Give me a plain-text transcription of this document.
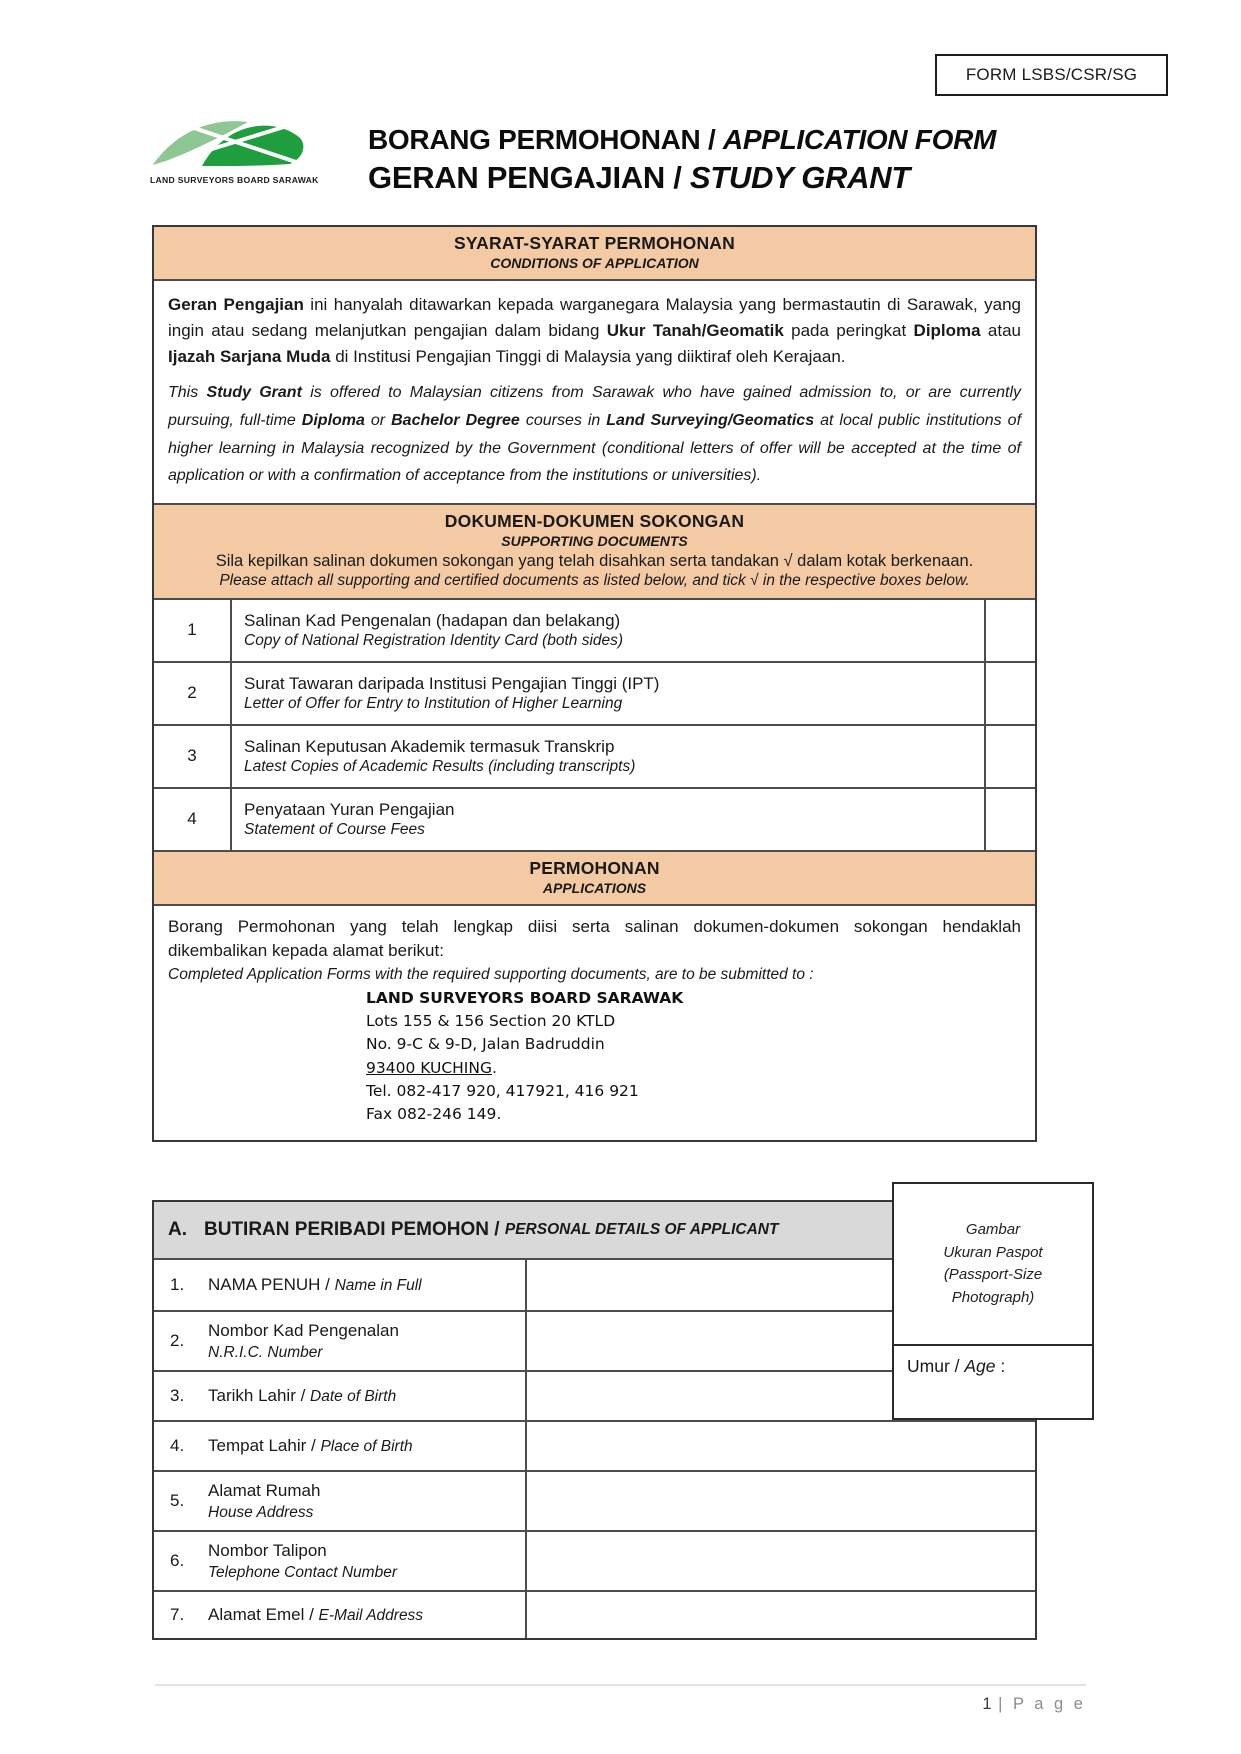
FORM LSBS/CSR/SG
LAND SURVEYORS BOARD SARAWAK
BORANG PERMOHONAN / APPLICATION FORM
GERAN PENGAJIAN / STUDY GRANT
SYARAT-SYARAT PERMOHONAN
CONDITIONS OF APPLICATION

Geran Pengajian ini hanyalah ditawarkan kepada warganegara Malaysia yang bermastautin di Sarawak, yang ingin atau sedang melanjutkan pengajian dalam bidang Ukur Tanah/Geomatik pada peringkat Diploma atau Ijazah Sarjana Muda di Institusi Pengajian Tinggi di Malaysia yang diiktiraf oleh Kerajaan.

This Study Grant is offered to Malaysian citizens from Sarawak who have gained admission to, or are currently pursuing, full-time Diploma or Bachelor Degree courses in Land Surveying/Geomatics at local public institutions of higher learning in Malaysia recognized by the Government (conditional letters of offer will be accepted at the time of application or with a confirmation of acceptance from the institutions or universities).

DOKUMEN-DOKUMEN SOKONGAN
SUPPORTING DOCUMENTS
Sila kepilkan salinan dokumen sokongan yang telah disahkan serta tandakan √ dalam kotak berkenaan.
Please attach all supporting and certified documents as listed below, and tick √ in the respective boxes below.
1	Salinan Kad Pengenalan (hadapan dan belakang)
Copy of National Registration Identity Card (both sides)
2	Surat Tawaran daripada Institusi Pengajian Tinggi (IPT)
Letter of Offer for Entry to Institution of Higher Learning
3	Salinan Keputusan Akademik termasuk Transkrip
Latest Copies of Academic Results (including transcripts)
4	Penyataan Yuran Pengajian
Statement of Course Fees
PERMOHONAN
APPLICATIONS

Borang Permohonan yang telah lengkap diisi serta salinan dokumen-dokumen sokongan hendaklah dikembalikan kepada alamat berikut:

Completed Application Forms with the required supporting documents, are to be submitted to :

LAND SURVEYORS BOARD SARAWAK
Lots 155 & 156 Section 20 KTLD
No. 9-C & 9-D, Jalan Badruddin
93400 KUCHING.
Tel. 082-417 920, 417921, 416 921
Fax 082-246 149.
A. BUTIRAN PERIBADI PEMOHON / PERSONAL DETAILS OF APPLICANT
1.	NAMA PENUH / Name in Full
2.
Nombor Kad Pengenalan
N.R.I.C. Number
3.	Tarikh Lahir / Date of Birth
4.	Tempat Lahir / Place of Birth
5.
Alamat Rumah
House Address
6.
Nombor Talipon
Telephone Contact Number
7.	Alamat Emel / E-Mail Address
Gambar
Ukuran Paspot
(Passport-Size
Photograph)
Umur / Age :
1 | P a g e
